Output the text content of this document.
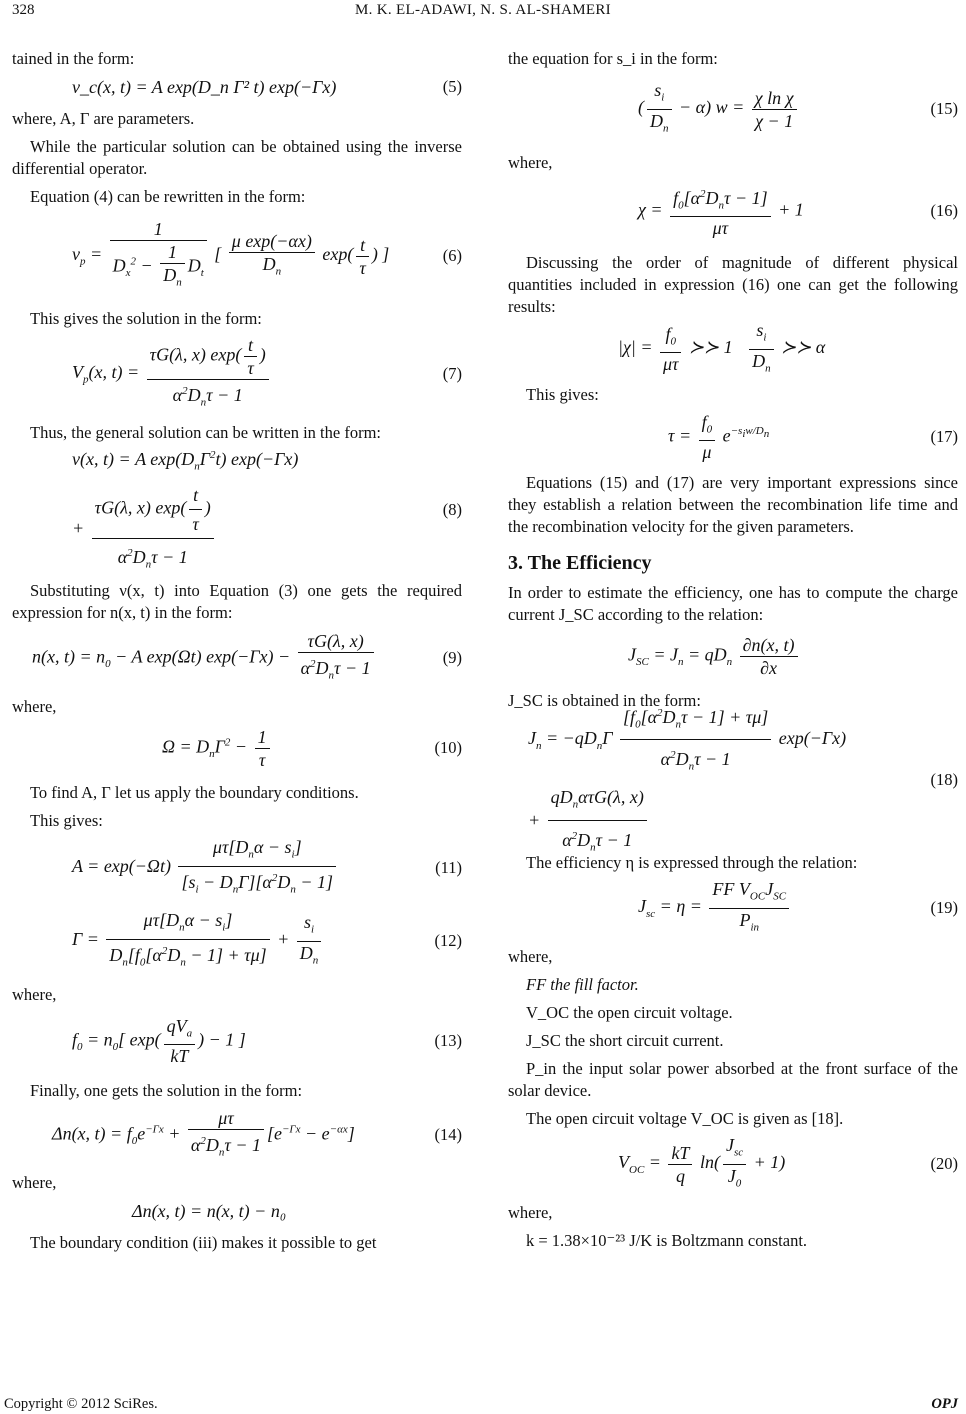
328	M. K. EL-ADAWI, N. S. AL-SHAMERI

tained in the form:

ν_c(x, t) = A exp(D_n Γ² t) exp(−Γx)	(5)

where, A, Γ are parameters.

While the particular solution can be obtained using the inverse differential operator.

Equation (4) can be rewritten in the form:

$\nu_p = \frac{1}{D_x^2 - \frac{1}{D_n} D_t}$ [ $\frac{\text{μ exp(−αx)}}{D_n} \exp( \frac{t}{\tau}$ ) ]	(6)

This gives the solution in the form:

$V_p(x$, $t) = \frac{\tau G(\lambda, x) \exp( \frac{t}{\tau} )}{\alpha^2D_n\tau - 1}$	(7)

Thus, the general solution can be written in the form:

ν(x, t) = A $\exp(D_n\Gamma^2t)$ exp(−Γx)
+ $\frac{\tau G(\lambda, x) \exp( \frac{t}{\tau} )}{\alpha^2D_n\tau - 1}$	(8)

Substituting ν(x, t) into Equation (3) one gets the required expression for n(x, t) in the form:

n(x, $t) = n_0 - A$ exp(Ωt) $\exp(-\Gamma x) - \frac{\tau G(\lambda, x)}{\alpha^2D_n\tau - 1}$	(9)

where,

$\Omega = D_n\Gamma^2 - \frac{1}{\tau}$	(10)

To find A, Γ let us apply the boundary conditions.

This gives:

$A = \exp(-\Omega t) \frac{\mu\tau[D_n\alpha - s_i]}{[s_i - D_n\Gamma][\alpha^2D_n - 1]}$	(11)
$\Gamma = \frac{\mu\tau[D_n\alpha - s_i]}{D_n[f_0[\alpha^2D_n - 1] + \tau\mu]} + \frac{s_i}{D_n}$	(12)

where,

$f_0 = n_0$[ $\exp( \frac{qV_a}{kT}$ ) − 1 ]	(13)

Finally, one gets the solution in the form:

Δn(x, $t) = f_0e^{-\Gamma x} + \frac{\mu\tau}{\alpha^2D_n\tau - 1} [e^{-\Gamma x} - e^{-\alpha x}]$	(14)

where,

Δn(x, t) = n(x, t) − n₀

The boundary condition (iii) makes it possible to get

the equation for s_i in the form:

( $\frac{s_i}{D_n} - \alpha$) $w = \frac{\text{χ ln χ}}{\chi - 1}$	(15)

where,

$\chi = \frac{f_0[\alpha^2D_n\tau - 1]}{\mu\tau} + 1$	(16)

Discussing the order of magnitude of different physical quantities included in expression (16) one can get the following results:

$|\chi| = \frac{f_0}{\mu\tau}$ ≻≻ $1 \frac{s_i}{D_n}$ ≻≻ α

This gives:

$\tau = \frac{f_0}{\mu} e^{-s_iw/D_n}$	(17)

Equations (15) and (17) are very important expressions since they establish a relation between the recombination life time and the recombination velocity for the given parameters.

3. The Efficiency

In order to estimate the efficiency, one has to compute the charge current J_SC according to the relation:

$J_{SC} = J_n = qD_n \frac{\partial n(x, t)}{\partial x}$

J_SC is obtained in the form:

$J_n = -qD_n\Gamma \frac{[f_0[\alpha^2D_n\tau - 1] + \tau\mu]}{\alpha^2D_n\tau - 1} \exp(-\Gamma x)$
+ $\frac{qD_n\alpha\tau G(\lambda, x)}{\alpha^2D_n\tau - 1}$
(18)

The efficiency η is expressed through the relation:

$J_{sc} = \eta = \frac{FF V_{OC}J_{SC}}{P_{in}}$	(19)

where,

FF the fill factor.

V_OC the open circuit voltage.

J_SC the short circuit current.

P_in the input solar power absorbed at the front surface of the solar device.

The open circuit voltage V_OC is given as [18].

$V_{OC} = \frac{kT}{q} \ln( \frac{J_{sc}}{J_0} + 1)$	(20)

where,

k = 1.38×10⁻²³ J/K is Boltzmann constant.

Copyright © 2012 SciRes.	OPJ
